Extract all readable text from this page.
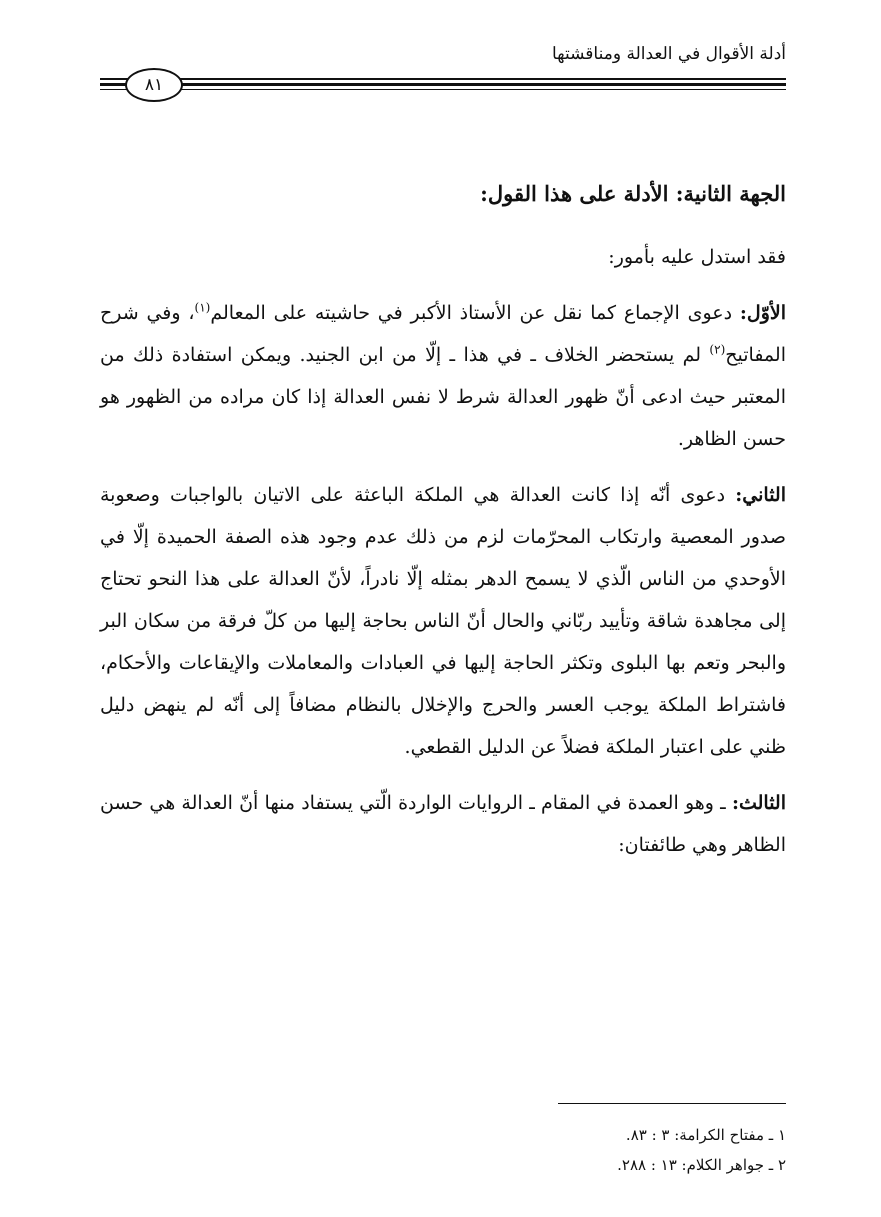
أدلة الأقوال في العدالة ومناقشتها
٨١
الجهة الثانية: الأدلة على هذا القول:

فقد استدل عليه بأمور:

الأوّل: دعوى الإجماع كما نقل عن الأستاذ الأكبر في حاشيته على المعالم$^{(١)}$، وفي شرح المفاتيح$^{(٢)}$ لم يستحضر الخلاف ـ في هذا ـ إلّا من ابن الجنيد. ويمكن استفادة ذلك من المعتبر حيث ادعى أنّ ظهور العدالة شرط لا نفس العدالة إذا كان مراده من الظهور هو حسن الظاهر.

الثاني: دعوى أنّه إذا كانت العدالة هي الملكة الباعثة على الاتيان بالواجبات وصعوبة صدور المعصية وارتكاب المحرّمات لزم من ذلك عدم وجود هذه الصفة الحميدة إلّا في الأوحدي من الناس الّذي لا يسمح الدهر بمثله إلّا نادراً، لأنّ العدالة على هذا النحو تحتاج إلى مجاهدة شاقة وتأييد ربّاني والحال أنّ الناس بحاجة إليها من كلّ فرقة من سكان البر والبحر وتعم بها البلوى وتكثر الحاجة إليها في العبادات والمعاملات والإيقاعات والأحكام، فاشتراط الملكة يوجب العسر والحرج والإخلال بالنظام مضافاً إلى أنّه لم ينهض دليل ظني على اعتبار الملكة فضلاً عن الدليل القطعي.

الثالث: ـ وهو العمدة في المقام ـ الروايات الواردة الّتي يستفاد منها أنّ العدالة هي حسن الظاهر وهي طائفتان:

١ ـ مفتاح الكرامة: ٣ : ٨٣.

٢ ـ جواهر الكلام: ١٣ : ٢٨٨.
